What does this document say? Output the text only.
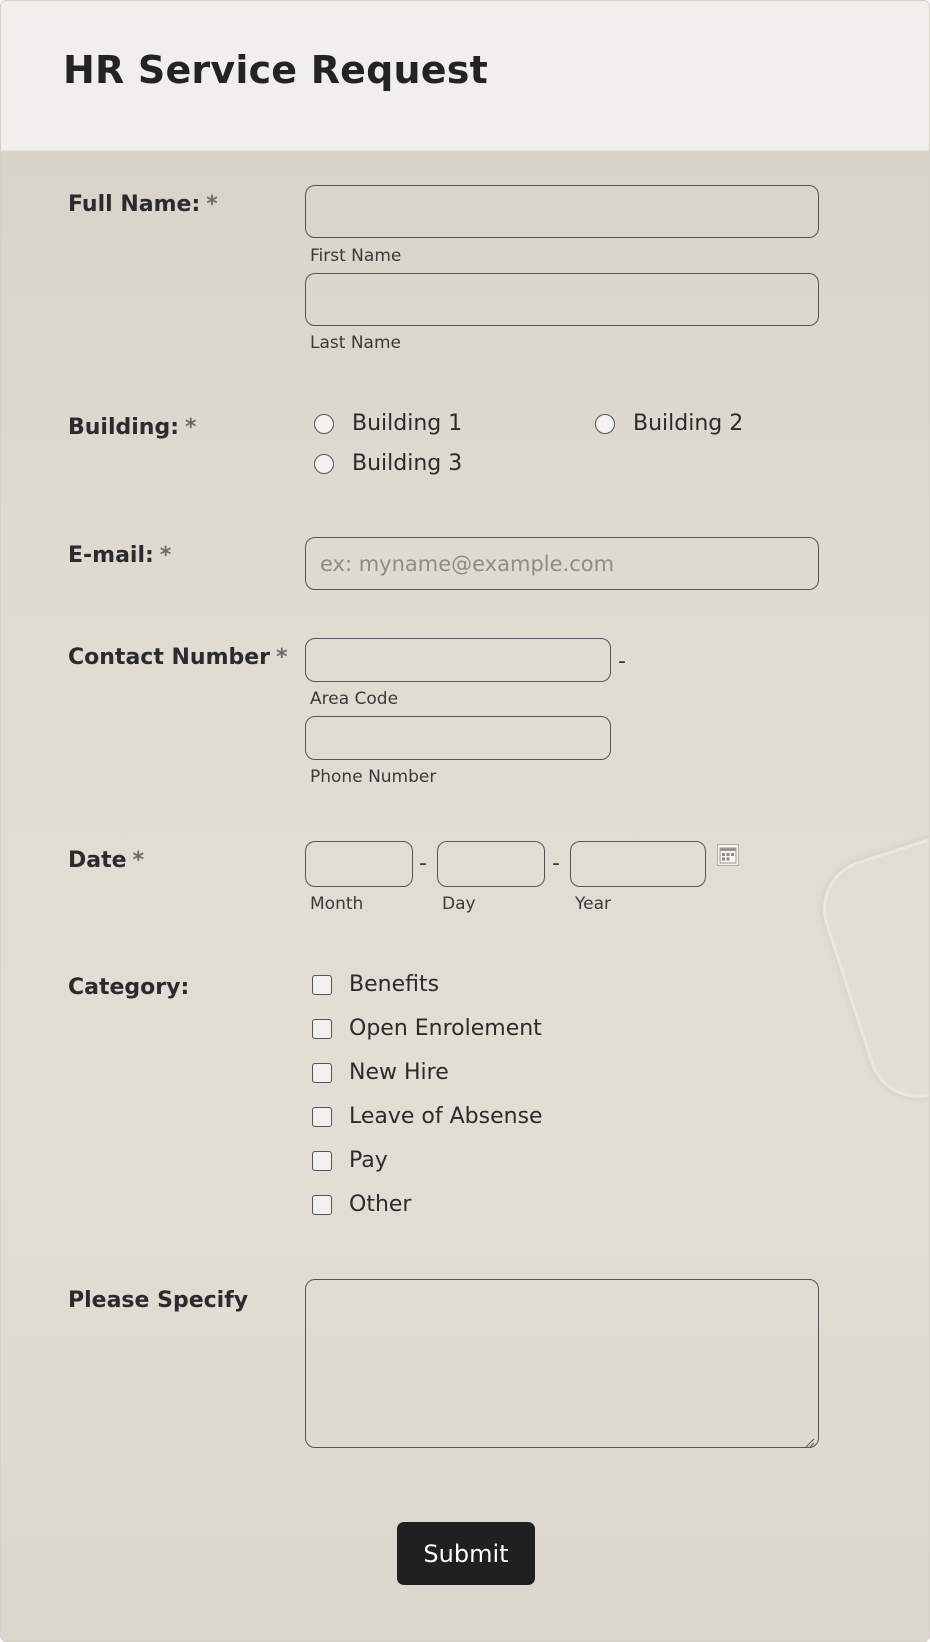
HR Service Request
Full Name: *
First Name
Last Name
Building: *	Building 1	Building 2
Building 3
E-mail: *
ex: myname@example.com
Contact Number *	-
Area Code
Phone Number
Date *	-	-
Month	Day	Year
Category:	Benefits
Open Enrolement
New Hire
Leave of Absense
Pay
Other
Please Specify
Submit
